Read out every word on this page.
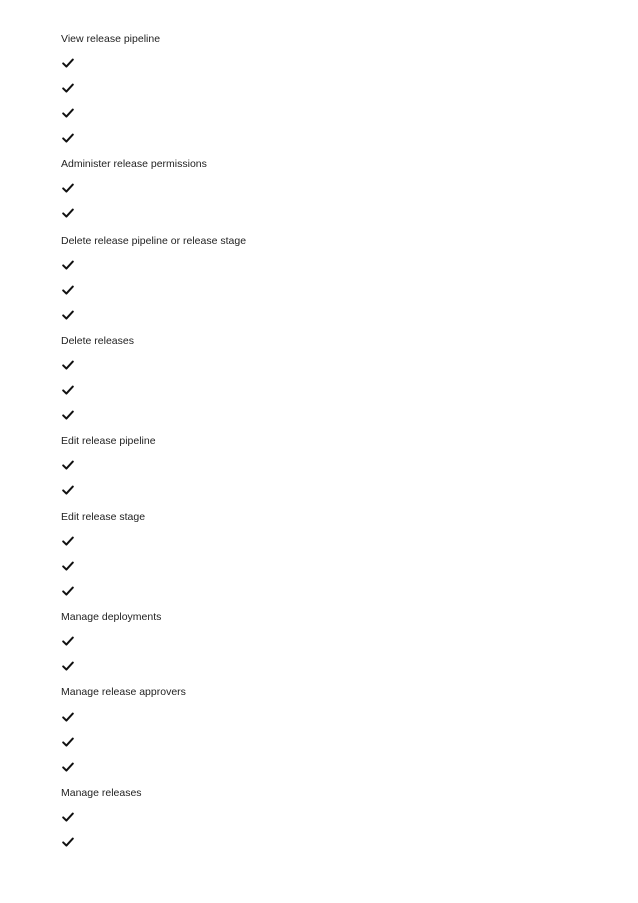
View release pipeline
Administer release permissions
Delete release pipeline or release stage
Delete releases
Edit release pipeline
Edit release stage
Manage deployments
Manage release approvers
Manage releases
